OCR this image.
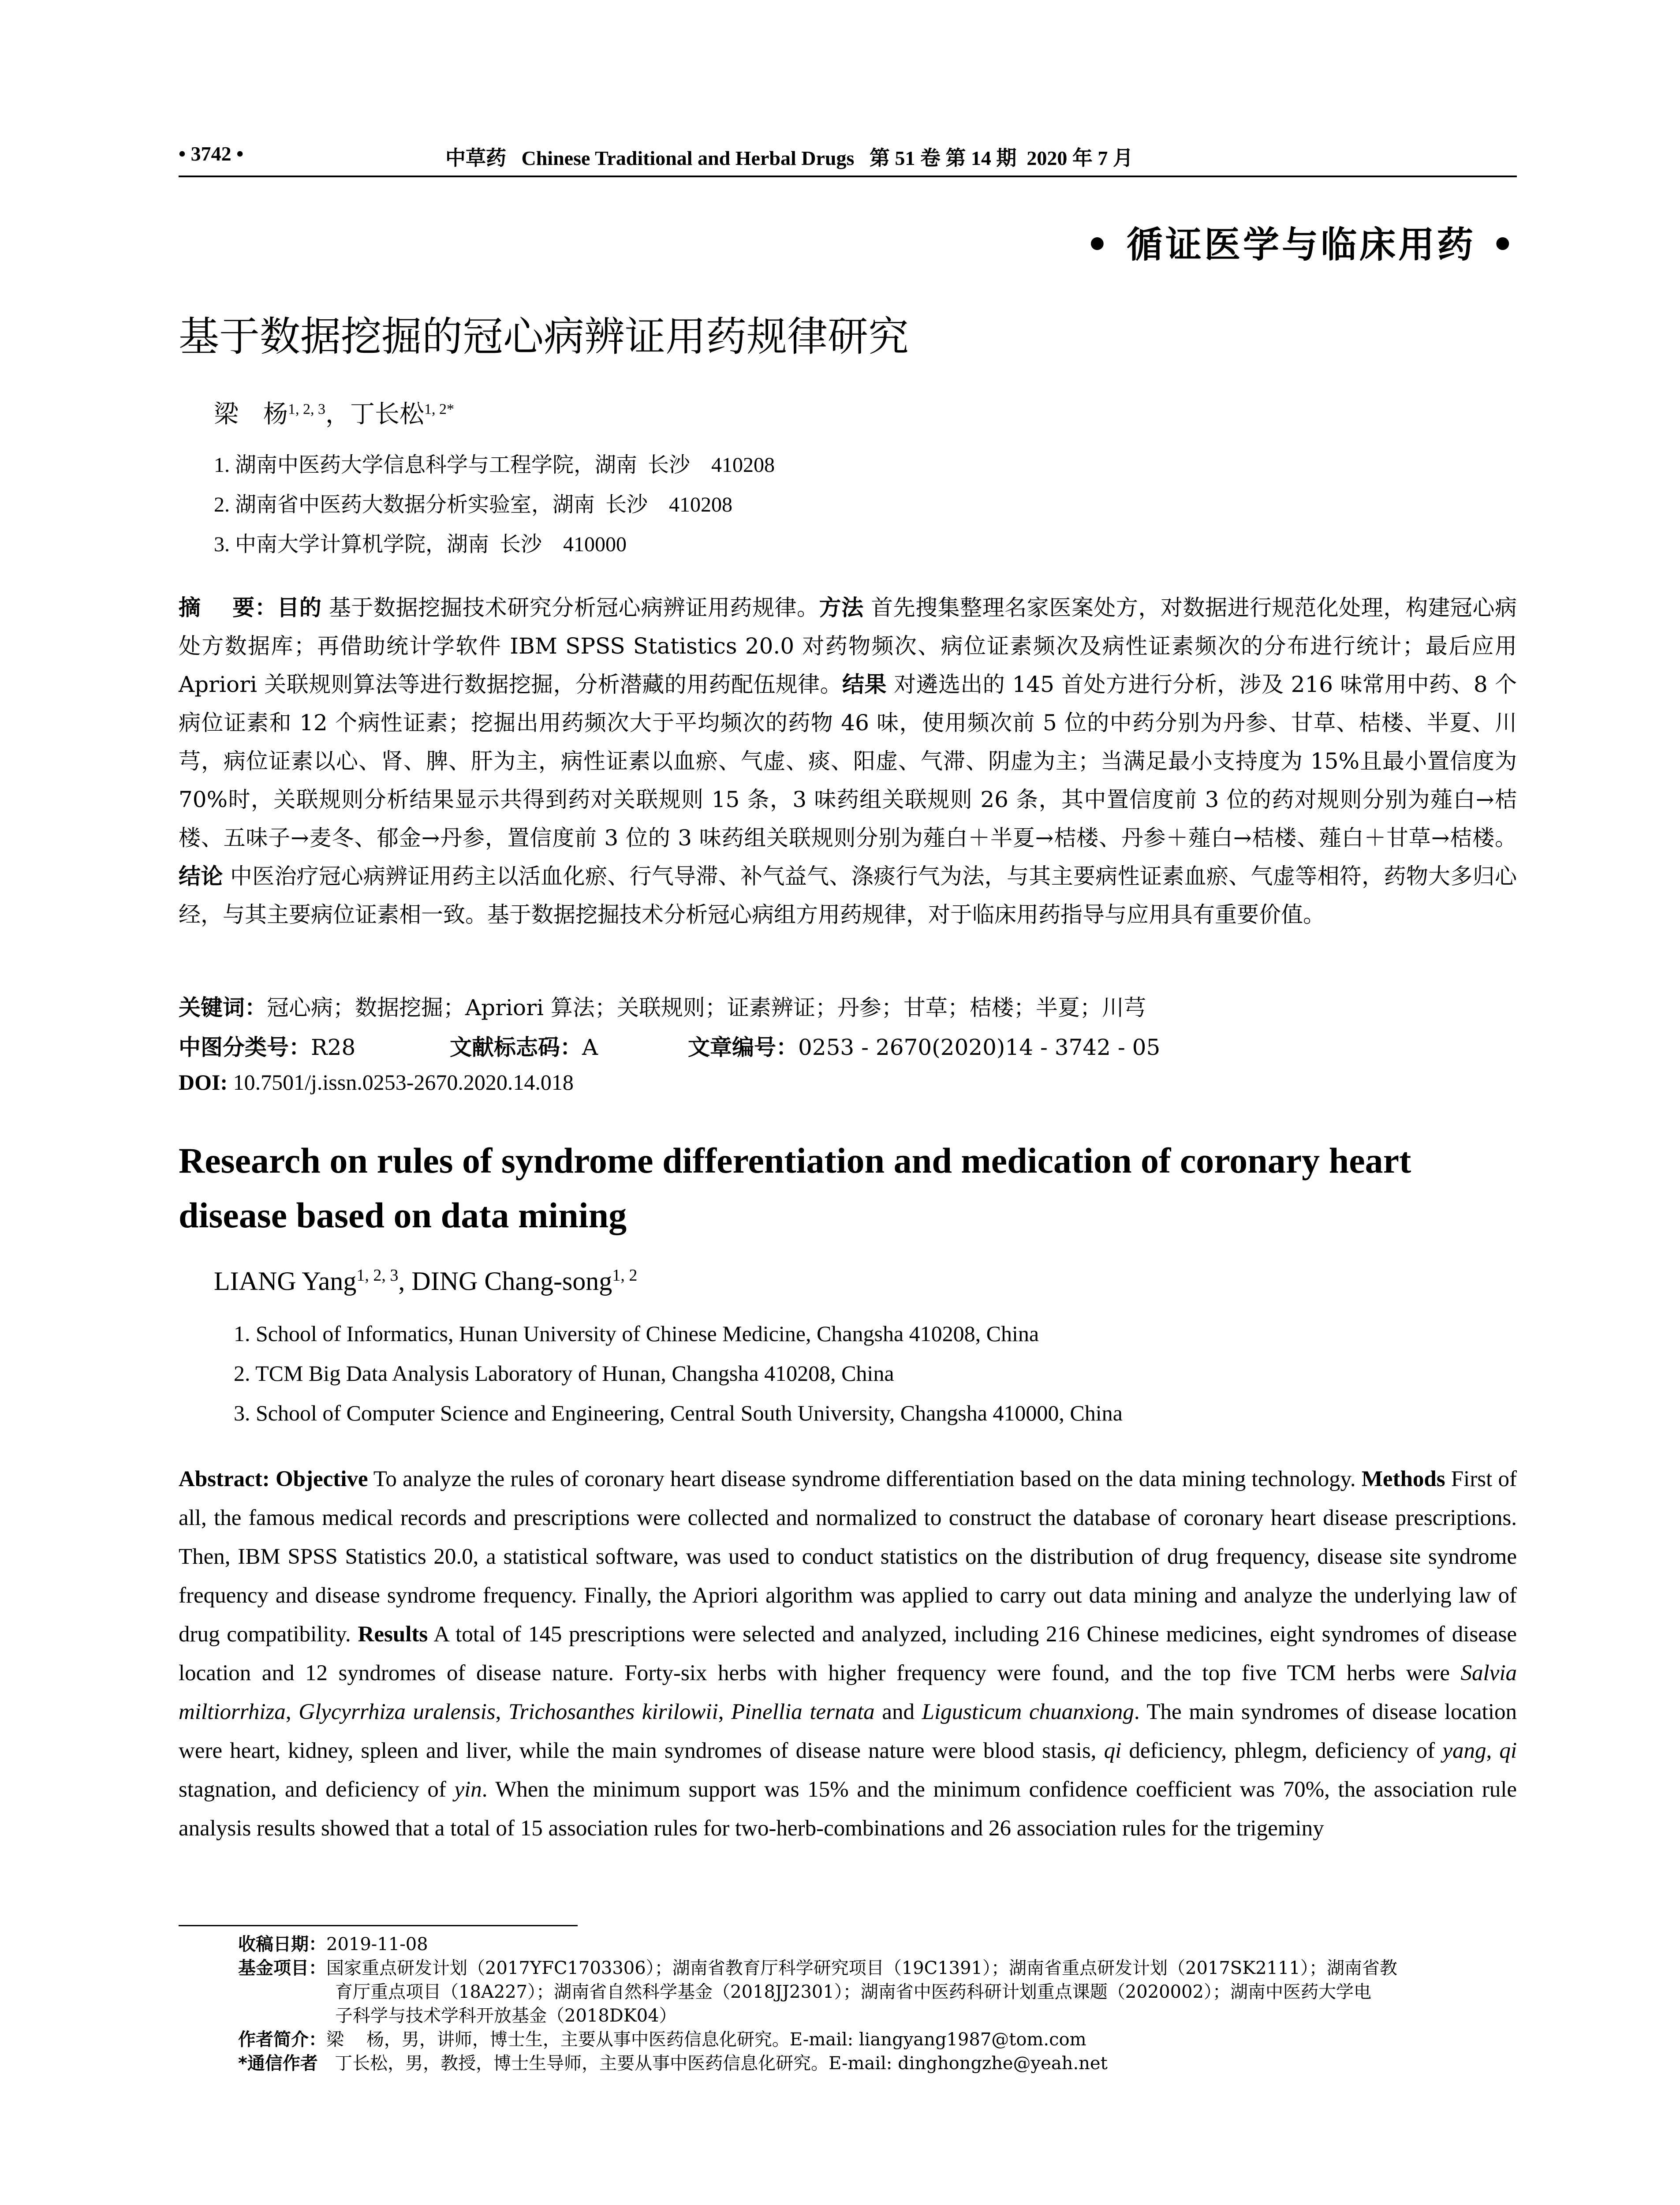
• 3742 •	中草药   Chinese Traditional and Herbal Drugs   第 51 卷 第 14 期  2020 年 7 月
• 循证医学与临床用药 •
基于数据挖掘的冠心病辨证用药规律研究
梁    杨$^{1, 2, 3}$，丁长松$^{1, 2*}$
1. 湖南中医药大学信息科学与工程学院，湖南  长沙    410208
2. 湖南省中医药大数据分析实验室，湖南  长沙    410208
3. 中南大学计算机学院，湖南  长沙    410000
摘    要：目的 基于数据挖掘技术研究分析冠心病辨证用药规律。方法 首先搜集整理名家医案处方，对数据进行规范化处理，构建冠心病处方数据库；再借助统计学软件 IBM SPSS Statistics 20.0 对药物频次、病位证素频次及病性证素频次的分布进行统计；最后应用 Apriori 关联规则算法等进行数据挖掘，分析潜藏的用药配伍规律。结果 对遴选出的 145 首处方进行分析，涉及 216 味常用中药、8 个病位证素和 12 个病性证素；挖掘出用药频次大于平均频次的药物 46 味，使用频次前 5 位的中药分别为丹参、甘草、桔楼、半夏、川芎，病位证素以心、肾、脾、肝为主，病性证素以血瘀、气虚、痰、阳虚、气滞、阴虚为主；当满足最小支持度为 15%且最小置信度为 70%时，关联规则分析结果显示共得到药对关联规则 15 条，3 味药组关联规则 26 条，其中置信度前 3 位的药对规则分别为薤白→桔楼、五味子→麦冬、郁金→丹参，置信度前 3 位的 3 味药组关联规则分别为薤白＋半夏→桔楼、丹参＋薤白→桔楼、薤白＋甘草→桔楼。结论 中医治疗冠心病辨证用药主以活血化瘀、行气导滞、补气益气、涤痰行气为法，与其主要病性证素血瘀、气虚等相符，药物大多归心经，与其主要病位证素相一致。基于数据挖掘技术分析冠心病组方用药规律，对于临床用药指导与应用具有重要价值。
关键词：冠心病；数据挖掘；Apriori 算法；关联规则；证素辨证；丹参；甘草；桔楼；半夏；川芎
中图分类号：R28	文献标志码：A	文章编号：0253 - 2670(2020)14 - 3742 - 05
DOI: 10.7501/j.issn.0253-2670.2020.14.018
Research on rules of syndrome differentiation and medication of coronary heart disease based on data mining
LIANG Yang$^{1, 2, 3}$, DING Chang-song$^{1, 2}$
1. School of Informatics, Hunan University of Chinese Medicine, Changsha 410208, China
2. TCM Big Data Analysis Laboratory of Hunan, Changsha 410208, China
3. School of Computer Science and Engineering, Central South University, Changsha 410000, China
Abstract: Objective To analyze the rules of coronary heart disease syndrome differentiation based on the data mining technology. Methods First of all, the famous medical records and prescriptions were collected and normalized to construct the database of coronary heart disease prescriptions. Then, IBM SPSS Statistics 20.0, a statistical software, was used to conduct statistics on the distribution of drug frequency, disease site syndrome frequency and disease syndrome frequency. Finally, the Apriori algorithm was applied to carry out data mining and analyze the underlying law of drug compatibility. Results A total of 145 prescriptions were selected and analyzed, including 216 Chinese medicines, eight syndromes of disease location and 12 syndromes of disease nature. Forty-six herbs with higher frequency were found, and the top five TCM herbs were Salvia miltiorrhiza, Glycyrrhiza uralensis, Trichosanthes kirilowii, Pinellia ternata and Ligusticum chuanxiong. The main syndromes of disease location were heart, kidney, spleen and liver, while the main syndromes of disease nature were blood stasis, qi deficiency, phlegm, deficiency of yang, qi stagnation, and deficiency of yin. When the minimum support was 15% and the minimum confidence coefficient was 70%, the association rule analysis results showed that a total of 15 association rules for two-herb-combinations and 26 association rules for the trigeminy
收稿日期：2019-11-08
基金项目：国家重点研发计划（2017YFC1703306）；湖南省教育厅科学研究项目（19C1391）；湖南省重点研发计划（2017SK2111）；湖南省教
育厅重点项目（18A227）；湖南省自然科学基金（2018JJ2301）；湖南省中医药科研计划重点课题（2020002）；湖南中医药大学电
子科学与技术学科开放基金（2018DK04）
作者简介：梁    杨，男，讲师，博士生，主要从事中医药信息化研究。E-mail: liangyang1987@tom.com
*通信作者   丁长松，男，教授，博士生导师，主要从事中医药信息化研究。E-mail: dinghongzhe@yeah.net
